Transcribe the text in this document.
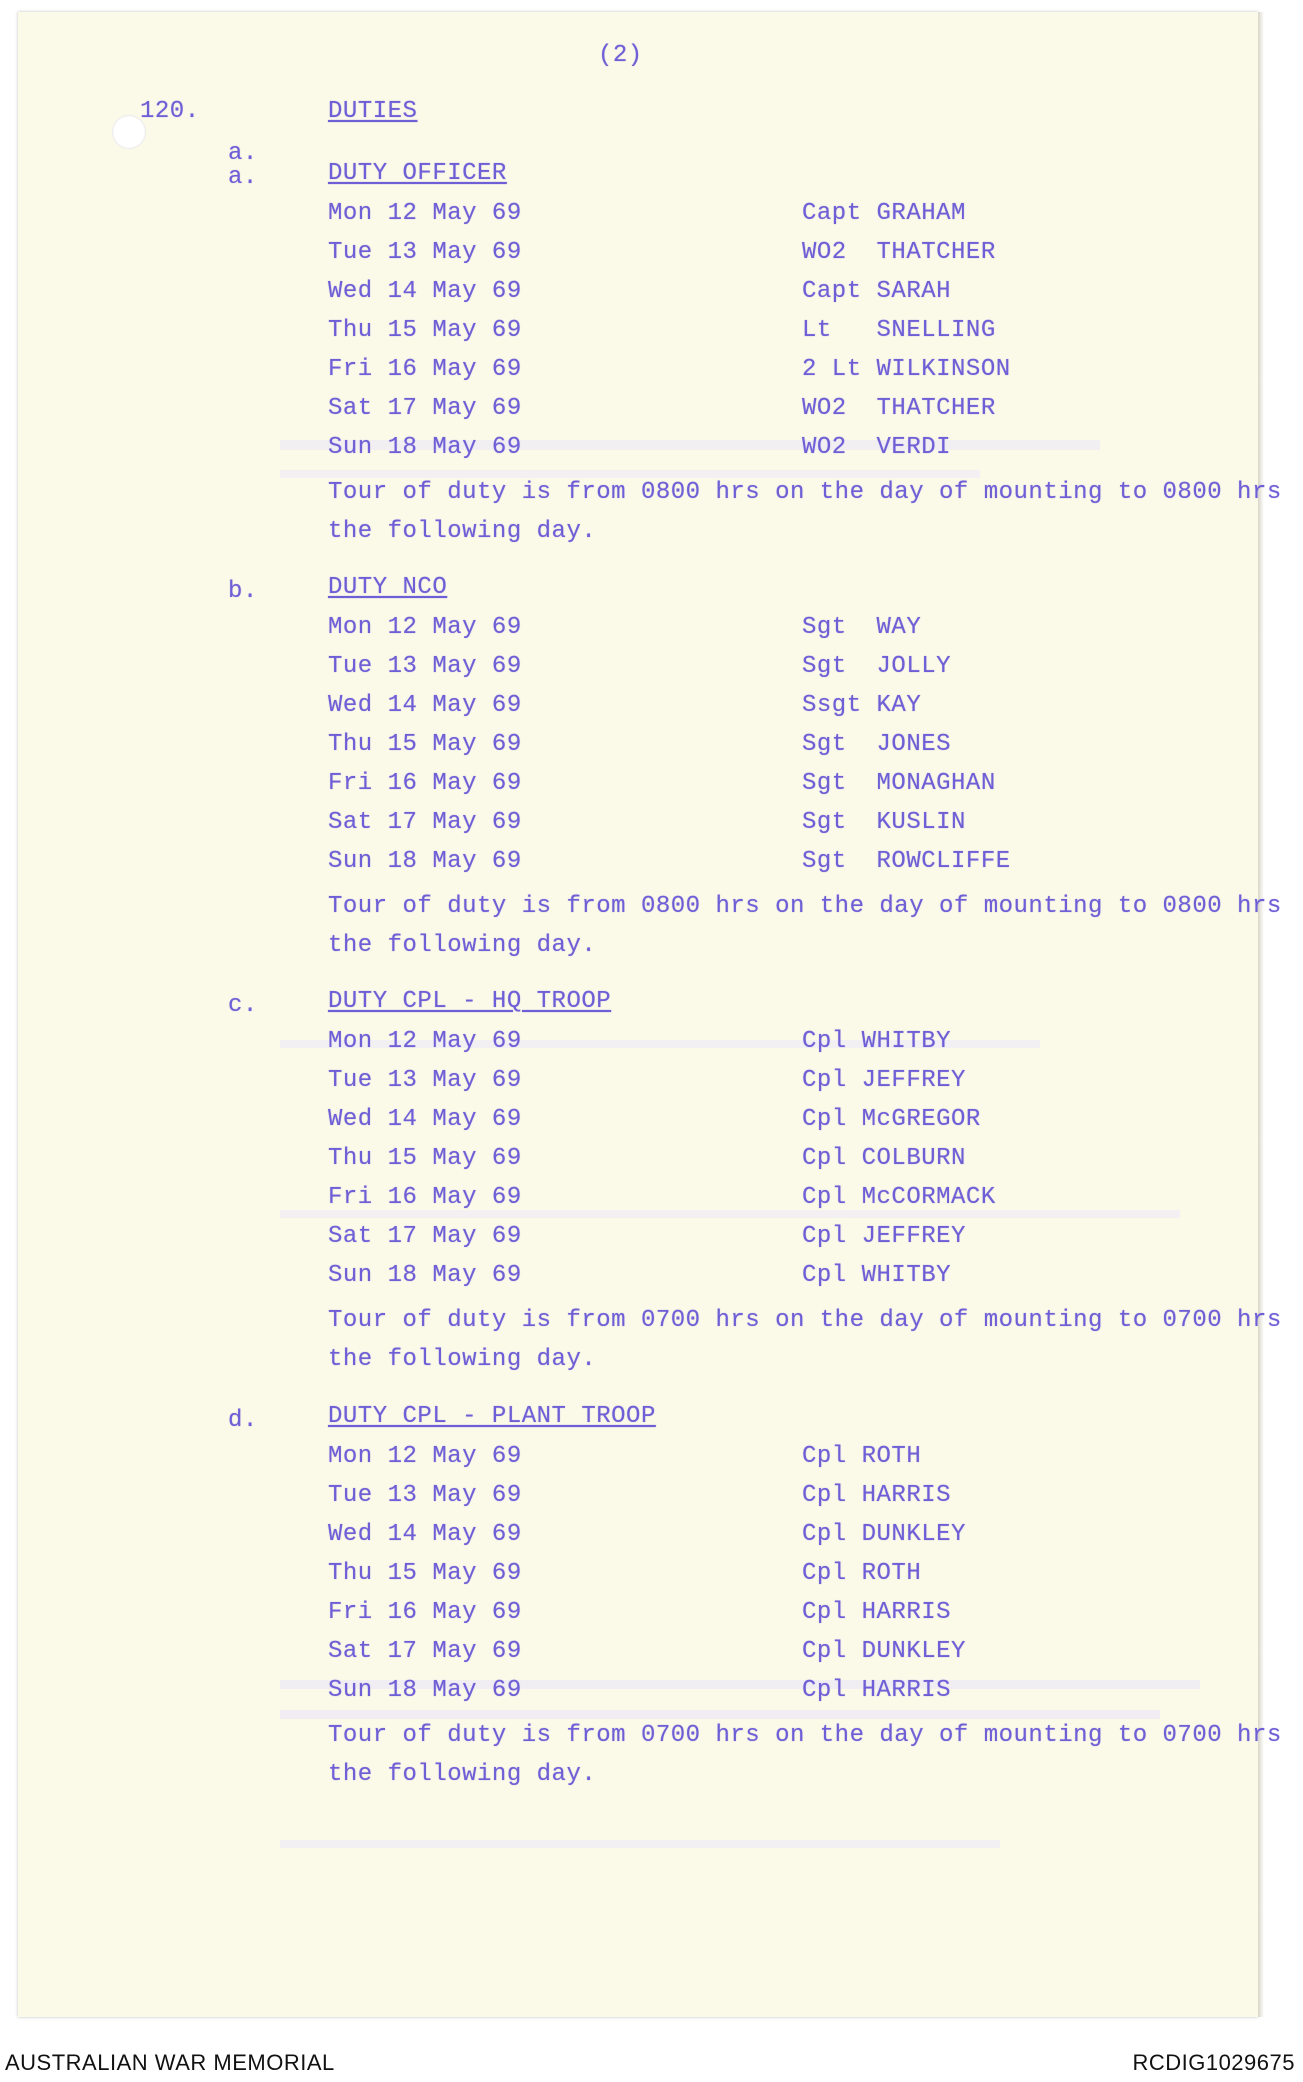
(2)
120.	DUTIES
a.
a.	DUTY OFFICER
Mon 12 May 69	Capt GRAHAM
Tue 13 May 69	WO2  THATCHER
Wed 14 May 69	Capt SARAH
Thu 15 May 69	Lt   SNELLING
Fri 16 May 69	2 Lt WILKINSON
Sat 17 May 69	WO2  THATCHER
Sun 18 May 69	WO2  VERDI
Tour of duty is from 0800 hrs on the day of mounting to 0800 hrs
the following day.
b.	DUTY NCO
Mon 12 May 69	Sgt  WAY
Tue 13 May 69	Sgt  JOLLY
Wed 14 May 69	Ssgt KAY
Thu 15 May 69	Sgt  JONES
Fri 16 May 69	Sgt  MONAGHAN
Sat 17 May 69	Sgt  KUSLIN
Sun 18 May 69	Sgt  ROWCLIFFE
Tour of duty is from 0800 hrs on the day of mounting to 0800 hrs
the following day.
c.	DUTY CPL - HQ TROOP
Mon 12 May 69	Cpl WHITBY
Tue 13 May 69	Cpl JEFFREY
Wed 14 May 69	Cpl McGREGOR
Thu 15 May 69	Cpl COLBURN
Fri 16 May 69	Cpl McCORMACK
Sat 17 May 69	Cpl JEFFREY
Sun 18 May 69	Cpl WHITBY
Tour of duty is from 0700 hrs on the day of mounting to 0700 hrs
the following day.
d.	DUTY CPL - PLANT TROOP
Mon 12 May 69	Cpl ROTH
Tue 13 May 69	Cpl HARRIS
Wed 14 May 69	Cpl DUNKLEY
Thu 15 May 69	Cpl ROTH
Fri 16 May 69	Cpl HARRIS
Sat 17 May 69	Cpl DUNKLEY
Sun 18 May 69	Cpl HARRIS
Tour of duty is from 0700 hrs on the day of mounting to 0700 hrs
the following day.
AUSTRALIAN WAR MEMORIAL	RCDIG1029675
